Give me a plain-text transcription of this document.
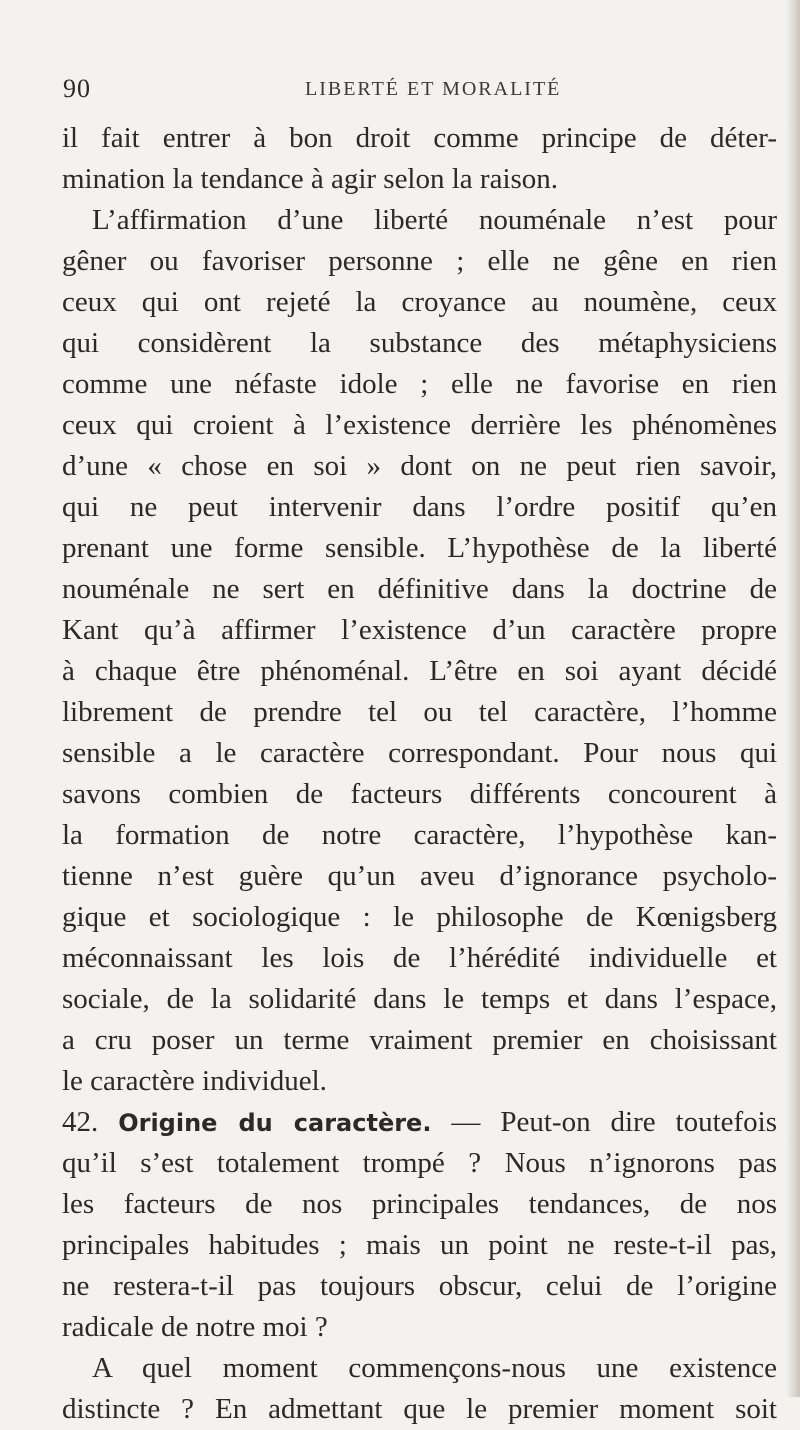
90	LIBERTÉ ET MORALITÉ
il fait entrer à bon droit comme principe de déter-
mination la tendance à agir selon la raison.
L’affirmation d’une liberté nouménale n’est pour
gêner ou favoriser personne ; elle ne gêne en rien
ceux qui ont rejeté la croyance au noumène, ceux
qui considèrent la substance des métaphysiciens
comme une néfaste idole ; elle ne favorise en rien
ceux qui croient à l’existence derrière les phénomènes
d’une « chose en soi » dont on ne peut rien savoir,
qui ne peut intervenir dans l’ordre positif qu’en
prenant une forme sensible. L’hypothèse de la liberté
nouménale ne sert en définitive dans la doctrine de
Kant qu’à affirmer l’existence d’un caractère propre
à chaque être phénoménal. L’être en soi ayant décidé
librement de prendre tel ou tel caractère, l’homme
sensible a le caractère correspondant. Pour nous qui
savons combien de facteurs différents concourent à
la formation de notre caractère, l’hypothèse kan-
tienne n’est guère qu’un aveu d’ignorance psycholo-
gique et sociologique : le philosophe de Kœnigsberg
méconnaissant les lois de l’hérédité individuelle et
sociale, de la solidarité dans le temps et dans l’espace,
a cru poser un terme vraiment premier en choisissant
le caractère individuel.
42. Origine du caractère. — Peut-on dire toutefois
qu’il s’est totalement trompé ? Nous n’ignorons pas
les facteurs de nos principales tendances, de nos
principales habitudes ; mais un point ne reste-t-il pas,
ne restera-t-il pas toujours obscur, celui de l’origine
radicale de notre moi ?
A quel moment commençons-nous une existence
distincte ? En admettant que le premier moment soit
